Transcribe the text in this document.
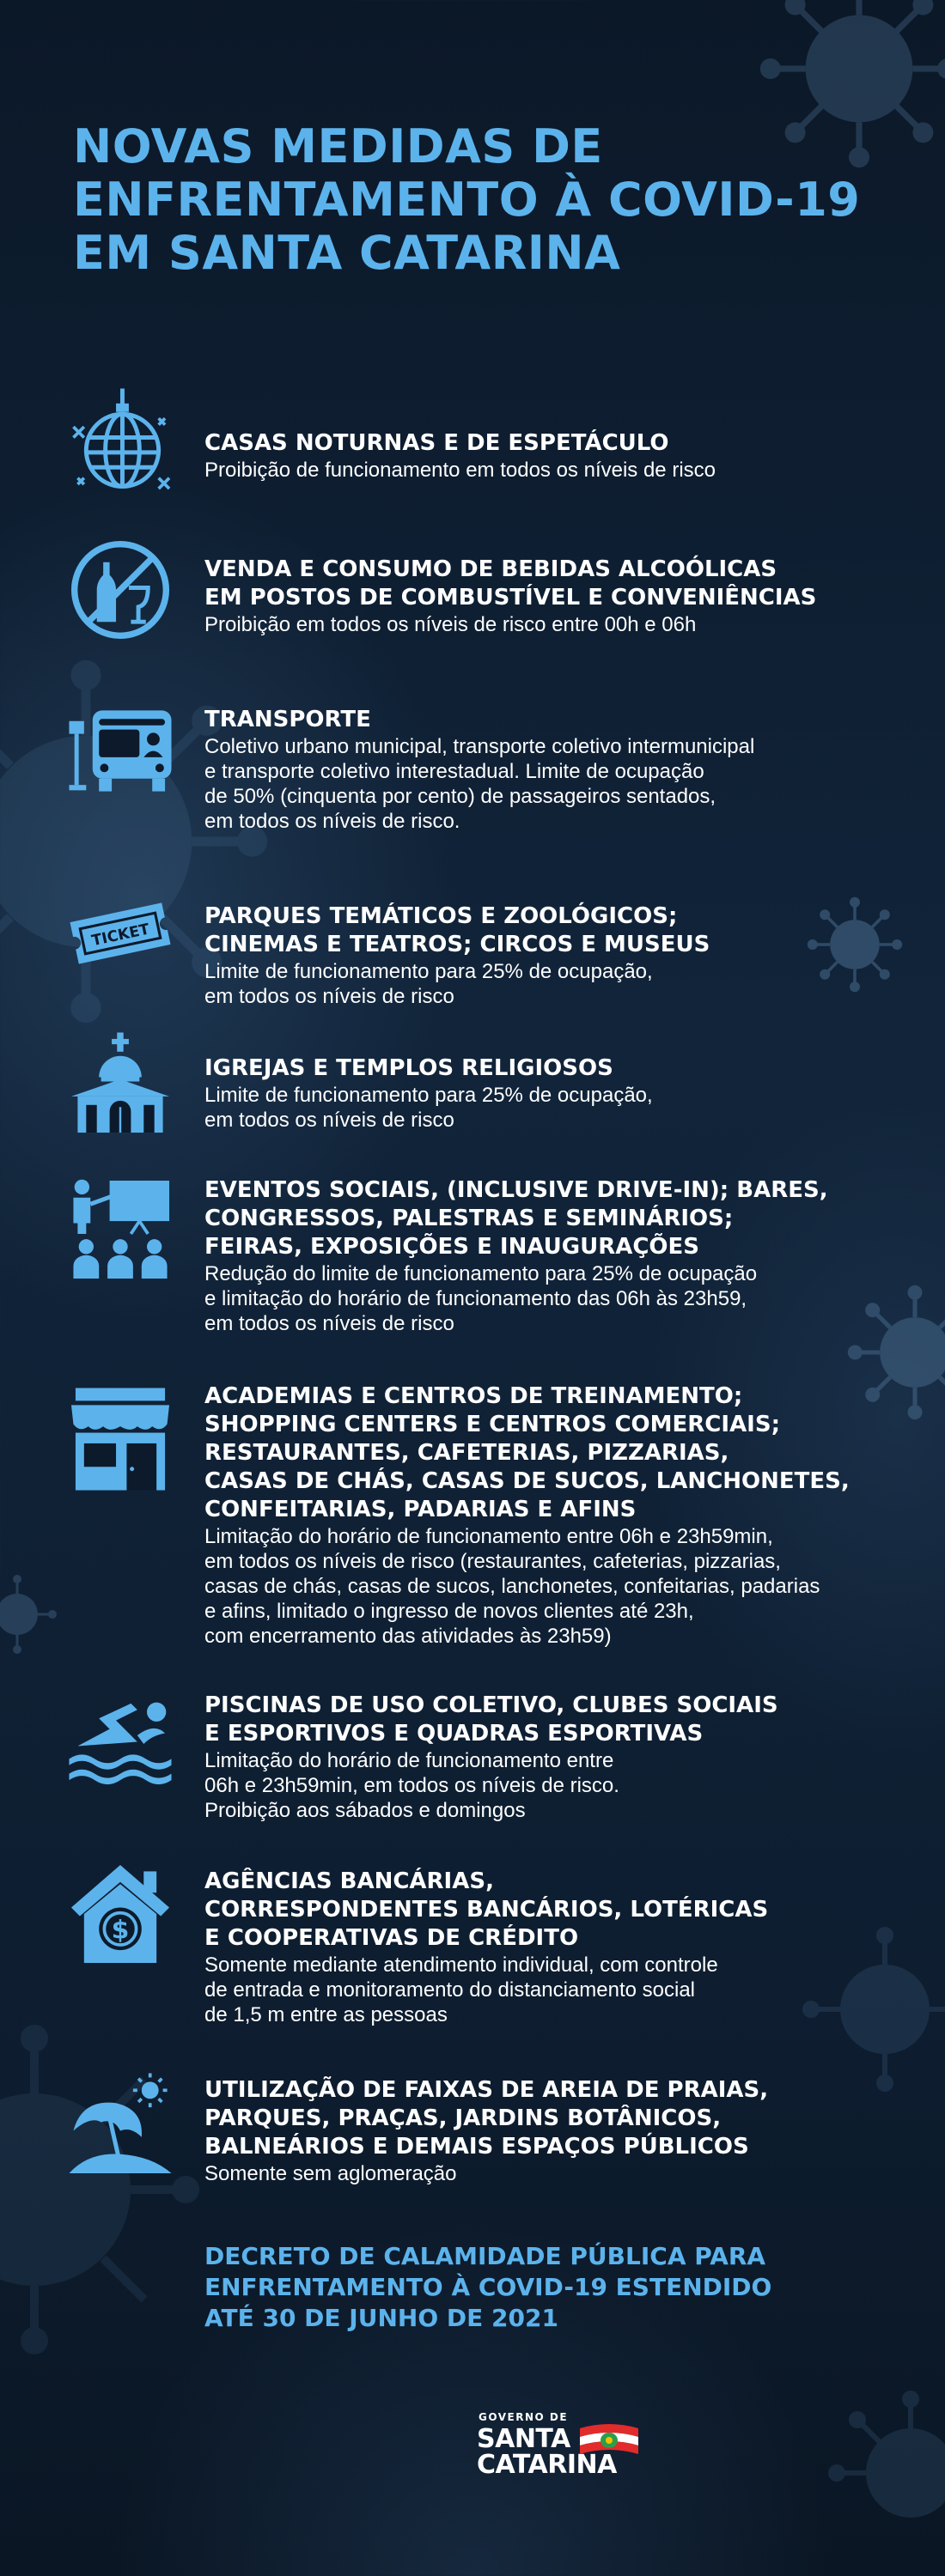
NOVAS MEDIDAS DE
ENFRENTAMENTO À COVID-19
EM SANTA CATARINA
CASAS NOTURNAS E DE ESPETÁCULO

Proibição de funcionamento em todos os níveis de risco

VENDA E CONSUMO DE BEBIDAS ALCOÓLICAS
EM POSTOS DE COMBUSTÍVEL E CONVENIÊNCIAS

Proibição em todos os níveis de risco entre 00h e 06h

TRANSPORTE

Coletivo urbano municipal, transporte coletivo intermunicipal
e transporte coletivo interestadual. Limite de ocupação
de 50% (cinquenta por cento) de passageiros sentados,
em todos os níveis de risco.

TICKET
PARQUES TEMÁTICOS E ZOOLÓGICOS;
CINEMAS E TEATROS; CIRCOS E MUSEUS

Limite de funcionamento para 25% de ocupação,
em todos os níveis de risco

IGREJAS E TEMPLOS RELIGIOSOS

Limite de funcionamento para 25% de ocupação,
em todos os níveis de risco

EVENTOS SOCIAIS, (INCLUSIVE DRIVE-IN); BARES,
CONGRESSOS, PALESTRAS E SEMINÁRIOS;
FEIRAS, EXPOSIÇÕES E INAUGURAÇÕES

Redução do limite de funcionamento para 25% de ocupação
e limitação do horário de funcionamento das 06h às 23h59,
em todos os níveis de risco

ACADEMIAS E CENTROS DE TREINAMENTO;
SHOPPING CENTERS E CENTROS COMERCIAIS;
RESTAURANTES, CAFETERIAS, PIZZARIAS,
CASAS DE CHÁS, CASAS DE SUCOS, LANCHONETES,
CONFEITARIAS, PADARIAS E AFINS

Limitação do horário de funcionamento entre 06h e 23h59min,
em todos os níveis de risco (restaurantes, cafeterias, pizzarias,
casas de chás, casas de sucos, lanchonetes, confeitarias, padarias
e afins, limitado o ingresso de novos clientes até 23h,
com encerramento das atividades às 23h59)

PISCINAS DE USO COLETIVO, CLUBES SOCIAIS
E ESPORTIVOS E QUADRAS ESPORTIVAS

Limitação do horário de funcionamento entre
06h e 23h59min, em todos os níveis de risco.
Proibição aos sábados e domingos

$
AGÊNCIAS BANCÁRIAS,
CORRESPONDENTES BANCÁRIOS, LOTÉRICAS
E COOPERATIVAS DE CRÉDITO

Somente mediante atendimento individual, com controle
de entrada e monitoramento do distanciamento social
de 1,5 m entre as pessoas

UTILIZAÇÃO DE FAIXAS DE AREIA DE PRAIAS,
PARQUES, PRAÇAS, JARDINS BOTÂNICOS,
BALNEÁRIOS E DEMAIS ESPAÇOS PÚBLICOS

Somente sem aglomeração

DECRETO DE CALAMIDADE PÚBLICA PARA
ENFRENTAMENTO À COVID-19 ESTENDIDO
ATÉ 30 DE JUNHO DE 2021
GOVERNO DE
SANTA
CATARINA
